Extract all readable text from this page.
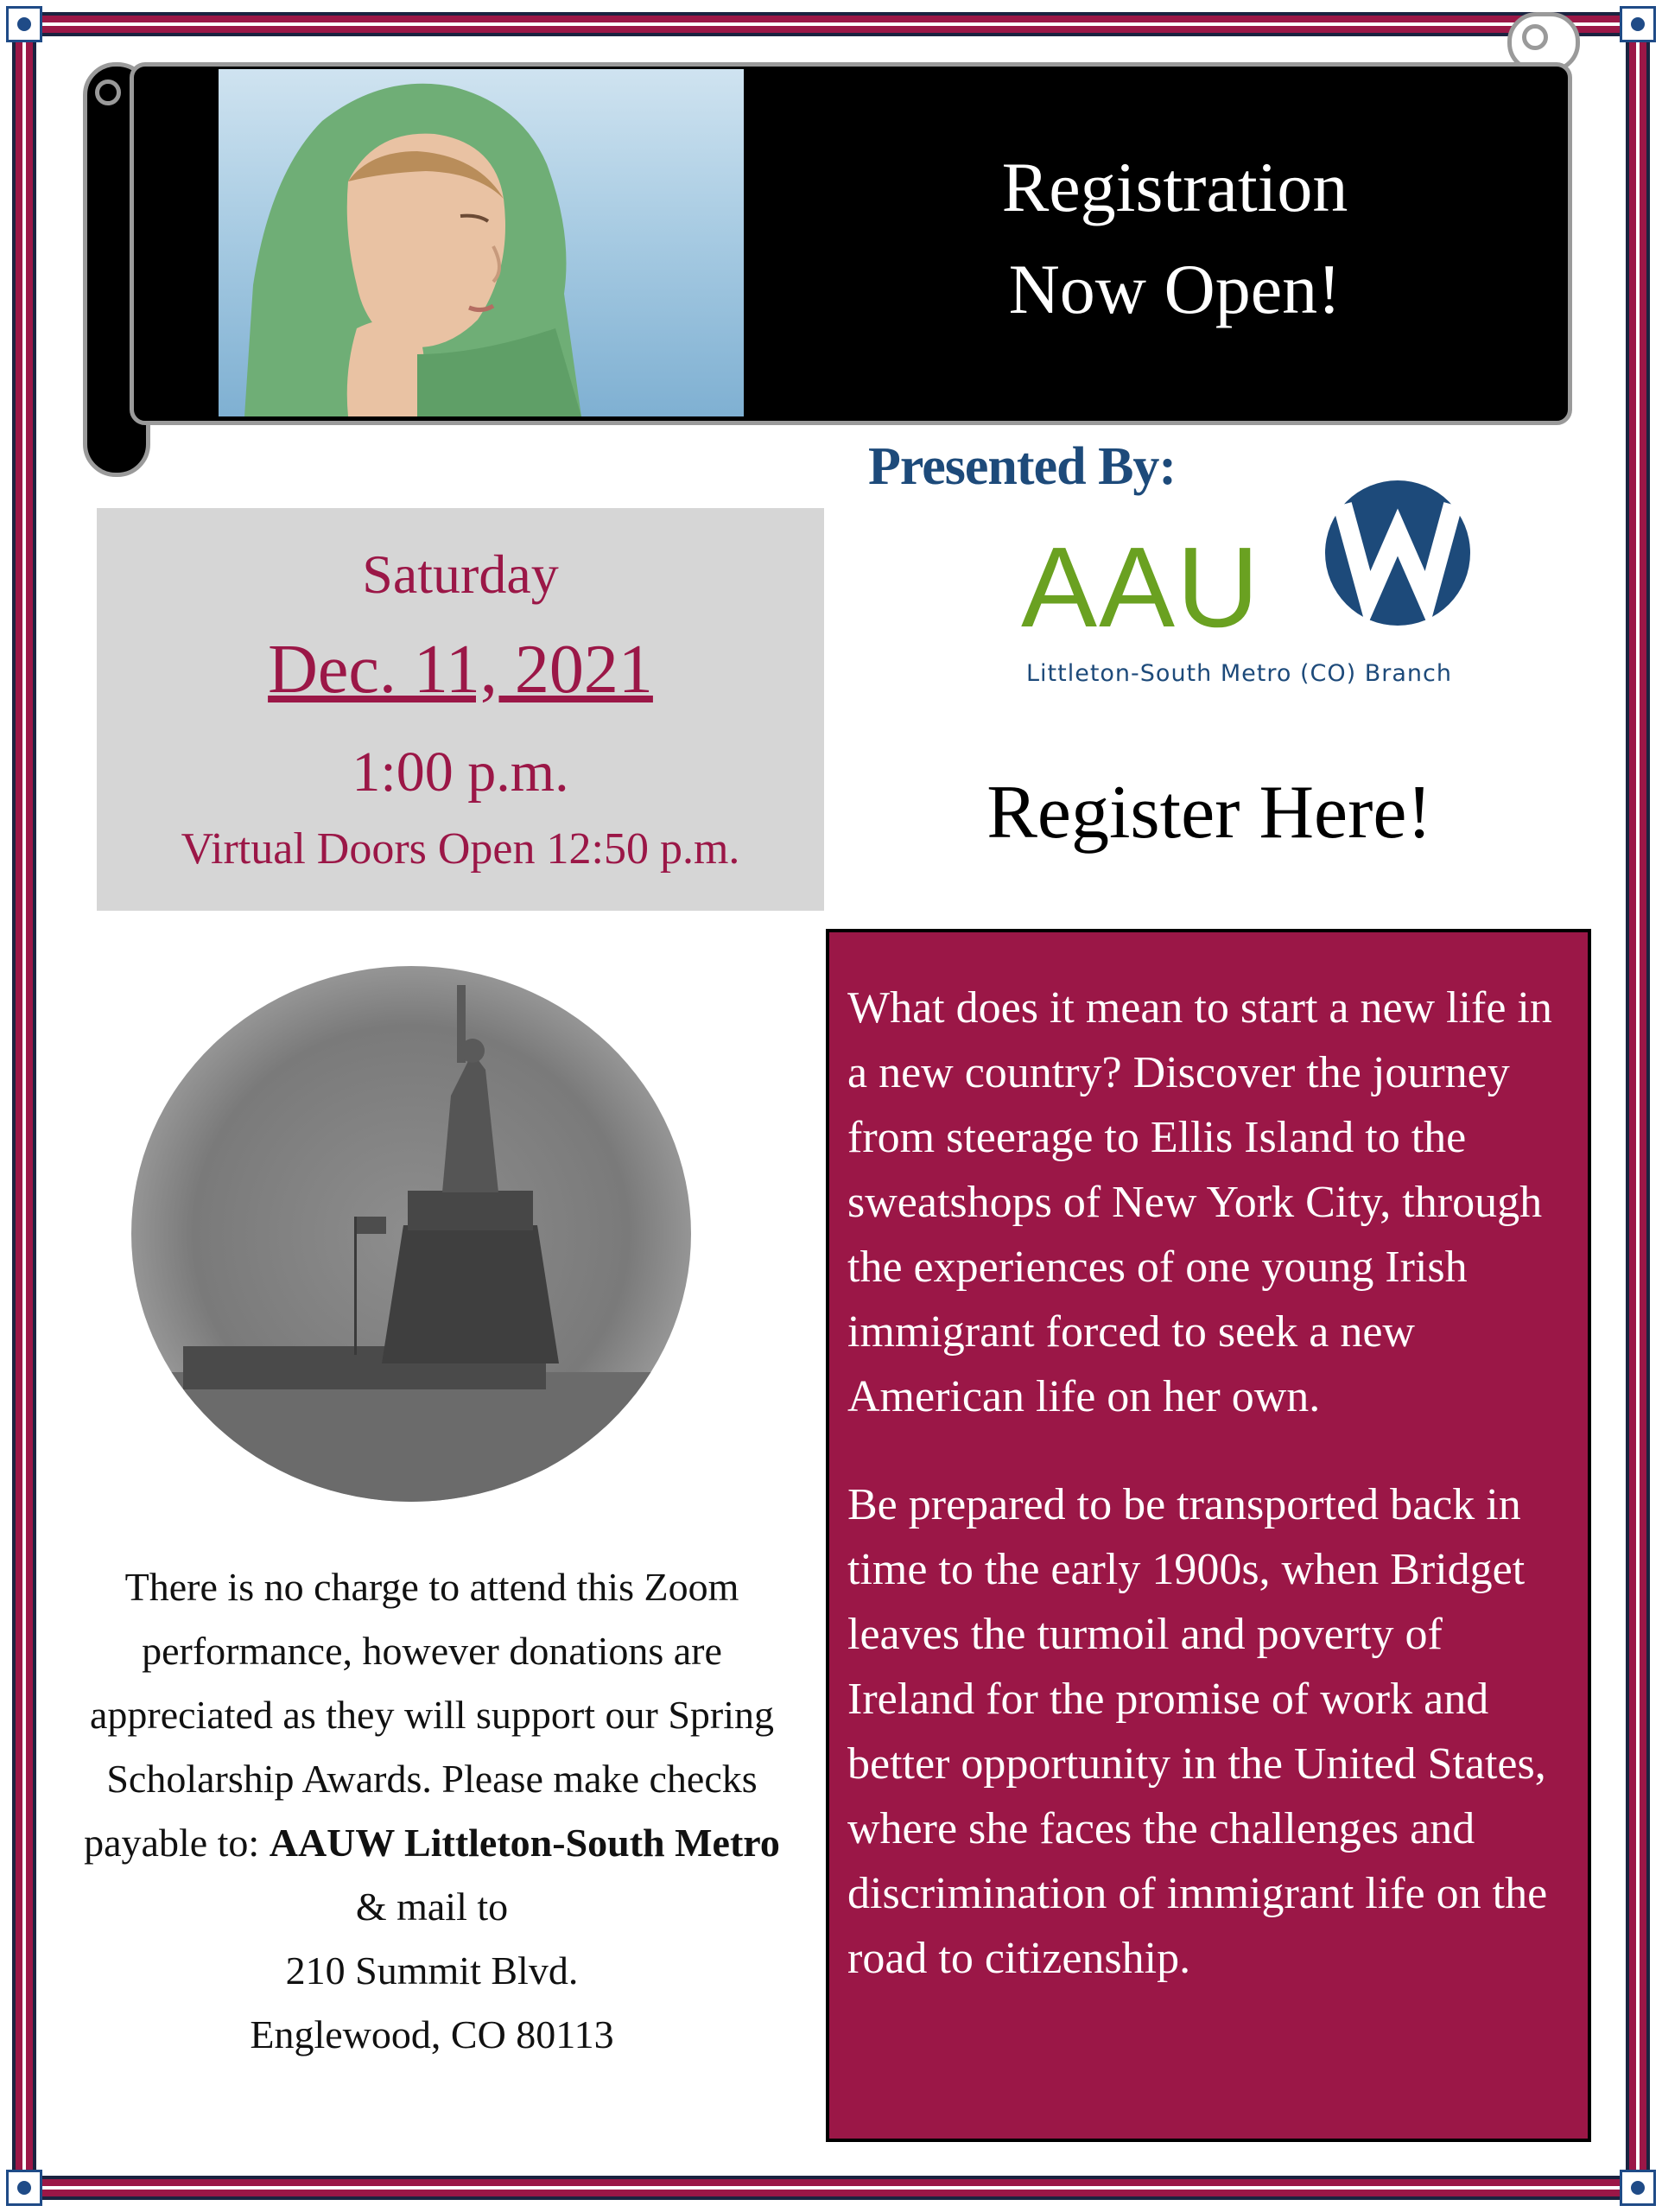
Registration
Now Open!
Presented By:
AAU
Littleton-South Metro (CO) Branch
Register Here!
Saturday
Dec. 11, 2021
1:00 p.m.
Virtual Doors Open 12:50 p.m.
There is no charge to attend this Zoom performance, however donations are appreciated as they will support our Spring Scholarship Awards. Please make checks payable to: AAUW Littleton-South Metro
& mail to
210 Summit Blvd.
Englewood, CO 80113

What does it mean to start a new life in a new country? Discover the journey from steerage to Ellis Island to the sweatshops of New York City, through the experiences of one young Irish immigrant forced to seek a new American life on her own.

Be prepared to be transported back in time to the early 1900s, when Bridget leaves the turmoil and poverty of Ireland for the promise of work and better opportunity in the United States, where she faces the challenges and discrimination of immigrant life on the road to citizenship.
